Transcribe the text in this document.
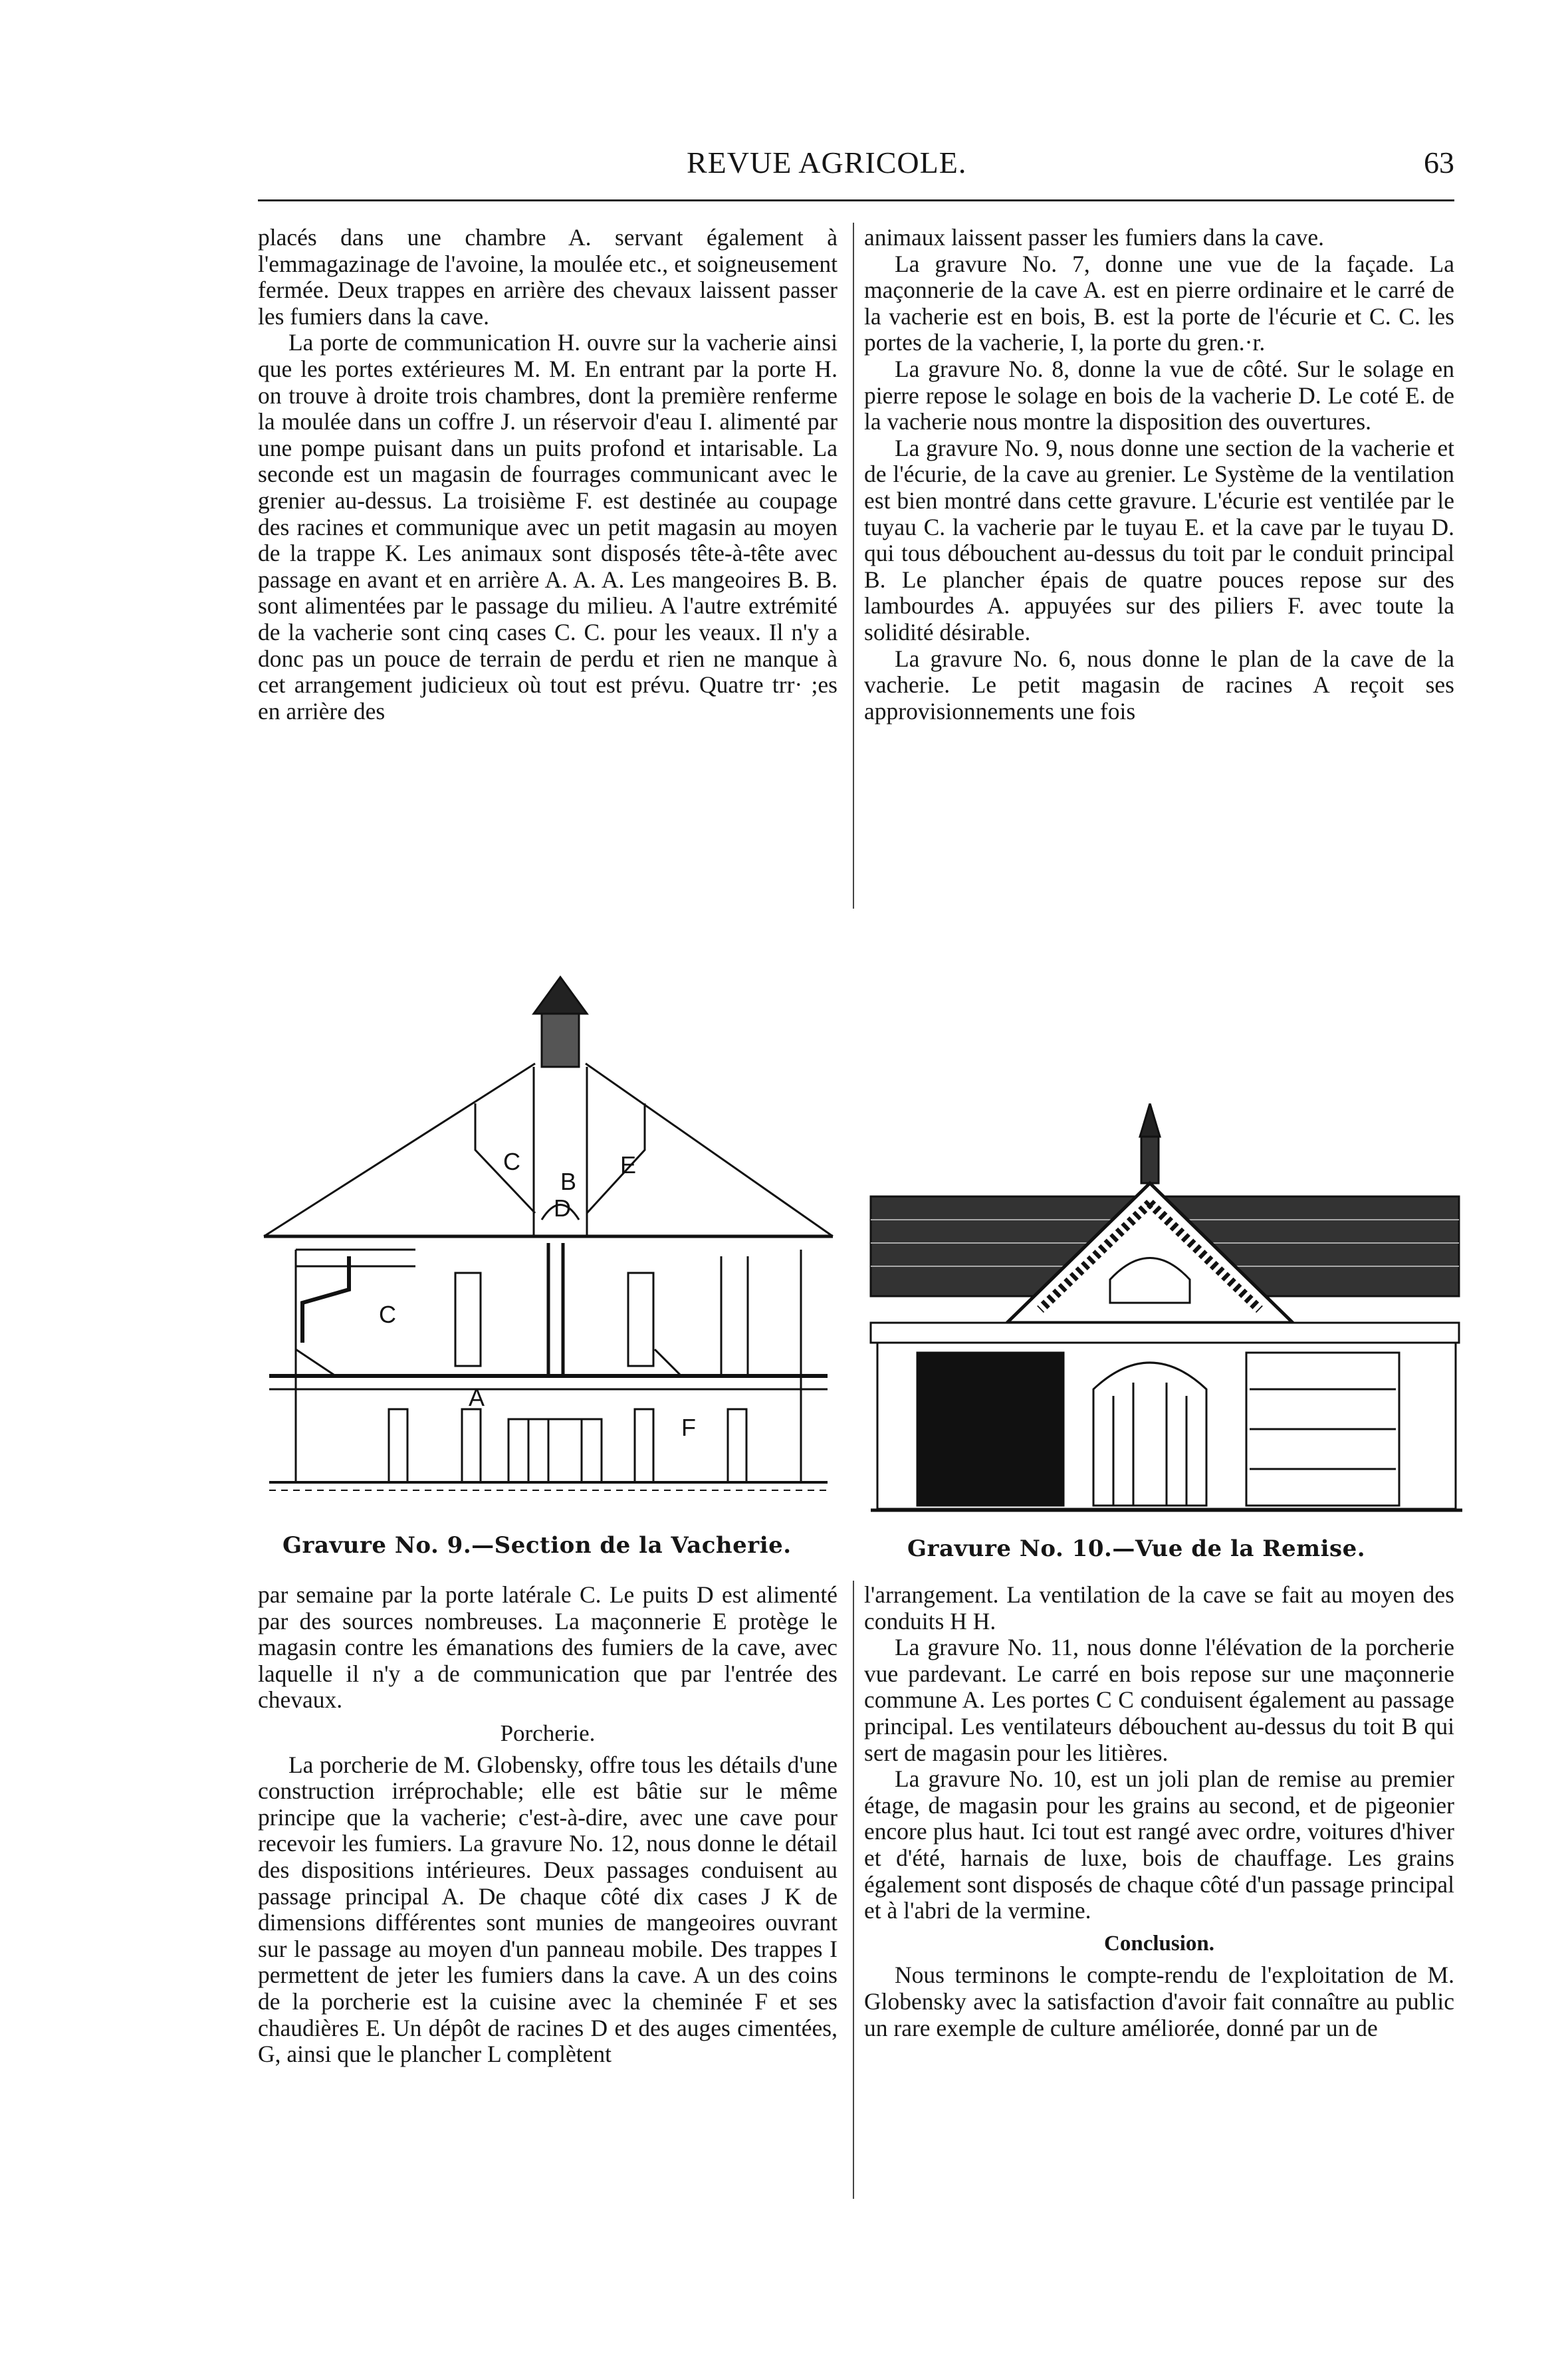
REVUE AGRICOLE.	63

placés dans une chambre A. servant également à l'emmagazinage de l'avoine, la moulée etc., et soigneusement fermée. Deux trappes en arrière des chevaux laissent passer les fumiers dans la cave.

La porte de communication H. ouvre sur la vacherie ainsi que les portes extérieures M. M. En entrant par la porte H. on trouve à droite trois chambres, dont la première renferme la moulée dans un coffre J. un réservoir d'eau I. alimenté par une pompe puisant dans un puits profond et intarisable. La seconde est un magasin de fourrages communicant avec le grenier au-dessus. La troisième F. est destinée au coupage des racines et communique avec un petit magasin au moyen de la trappe K. Les animaux sont disposés tête-à-tête avec passage en avant et en arrière A. A. A. Les mangeoires B. B. sont alimentées par le passage du milieu. A l'autre extrémité de la vacherie sont cinq cases C. C. pour les veaux. Il n'y a donc pas un pouce de terrain de perdu et rien ne manque à cet arrangement judicieux où tout est prévu. Quatre trr· ;es en arrière des

animaux laissent passer les fumiers dans la cave.

La gravure No. 7, donne une vue de la façade. La maçonnerie de la cave A. est en pierre ordinaire et le carré de la vacherie est en bois, B. est la porte de l'écurie et C. C. les portes de la vacherie, I, la porte du gren.·r.

La gravure No. 8, donne la vue de côté. Sur le solage en pierre repose le solage en bois de la vacherie D. Le coté E. de la vacherie nous montre la disposition des ouvertures.

La gravure No. 9, nous donne une section de la vacherie et de l'écurie, de la cave au grenier. Le Système de la ventilation est bien montré dans cette gravure. L'écurie est ventilée par le tuyau C. la vacherie par le tuyau E. et la cave par le tuyau D. qui tous débouchent au-dessus du toit par le conduit principal B. Le plancher épais de quatre pouces repose sur des lambourdes A. appuyées sur des piliers F. avec toute la solidité désirable.

La gravure No. 6, nous donne le plan de la cave de la vacherie. Le petit magasin de racines A reçoit ses approvisionnements une fois

C
B
E
D
C
A
F
Gravure No. 9.—Section de la Vacherie.	Gravure No. 10.—Vue de la Remise.

par semaine par la porte latérale C. Le puits D est alimenté par des sources nombreuses. La maçonnerie E protège le magasin contre les émanations des fumiers de la cave, avec laquelle il n'y a de communication que par l'entrée des chevaux.

Porcherie.

La porcherie de M. Globensky, offre tous les détails d'une construction irréprochable; elle est bâtie sur le même principe que la vacherie; c'est-à-dire, avec une cave pour recevoir les fumiers. La gravure No. 12, nous donne le détail des dispositions intérieures. Deux passages conduisent au passage principal A. De chaque côté dix cases J K de dimensions différentes sont munies de mangeoires ouvrant sur le passage au moyen d'un panneau mobile. Des trappes I permettent de jeter les fumiers dans la cave. A un des coins de la porcherie est la cuisine avec la cheminée F et ses chaudières E. Un dépôt de racines D et des auges cimentées, G, ainsi que le plancher L complètent

l'arrangement. La ventilation de la cave se fait au moyen des conduits H H.

La gravure No. 11, nous donne l'élévation de la porcherie vue pardevant. Le carré en bois repose sur une maçonnerie commune A. Les portes C C conduisent également au passage principal. Les ventilateurs débouchent au-dessus du toit B qui sert de magasin pour les litières.

La gravure No. 10, est un joli plan de remise au premier étage, de magasin pour les grains au second, et de pigeonier encore plus haut. Ici tout est rangé avec ordre, voitures d'hiver et d'été, harnais de luxe, bois de chauffage. Les grains également sont disposés de chaque côté d'un passage principal et à l'abri de la vermine.

Conclusion.

Nous terminons le compte-rendu de l'exploitation de M. Globensky avec la satisfaction d'avoir fait connaître au public un rare exemple de culture améliorée, donné par un de
